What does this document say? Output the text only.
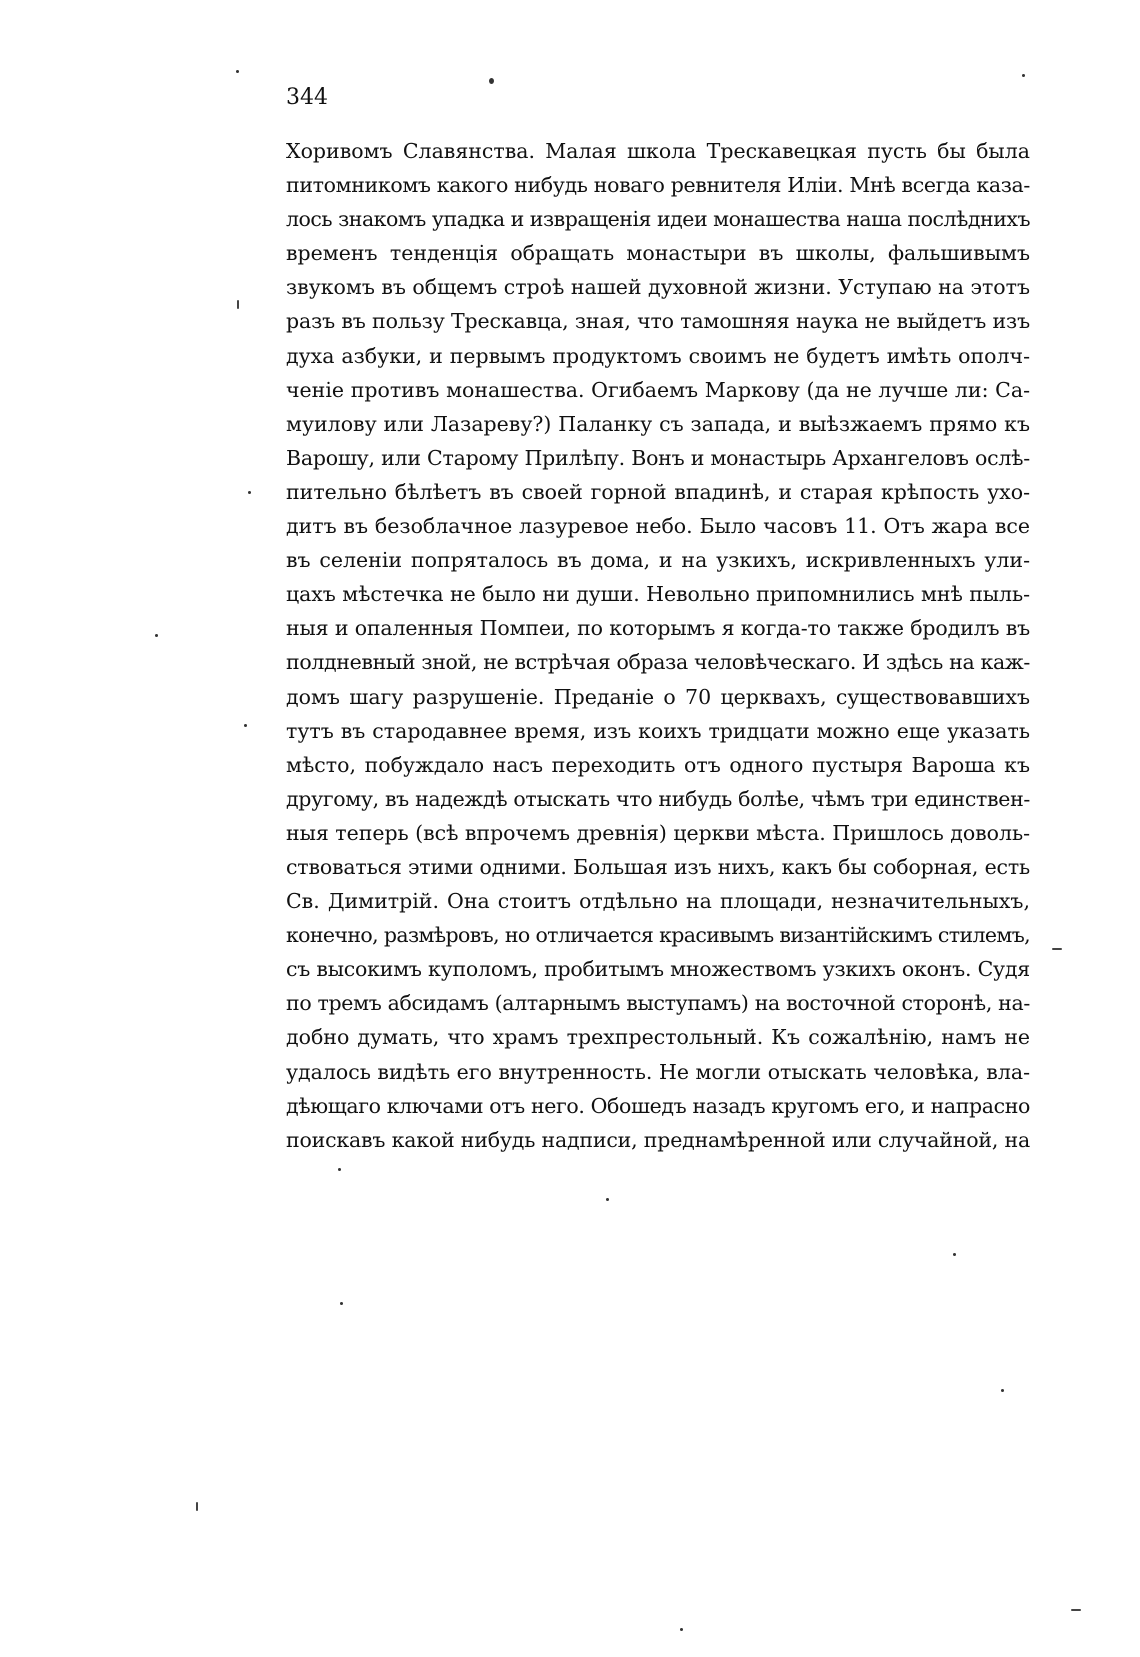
344
Хоривомъ Славянства. Малая школа Трескавецкая пусть бы была
питомникомъ какого нибудь новаго ревнителя Иліи. Мнѣ всегда каза-
лось знакомъ упадка и извращенія идеи монашества наша послѣднихъ
временъ тенденція обращать монастыри въ школы, фальшивымъ
звукомъ въ общемъ строѣ нашей духовной жизни. Уступаю на этотъ
разъ въ пользу Трескавца, зная, что тамошняя наука не выйдетъ изъ
духа азбуки, и первымъ продуктомъ своимъ не будетъ имѣть ополч-
ченіе противъ монашества. Огибаемъ Маркову (да не лучше ли: Са-
муилову или Лазареву?) Паланку съ запада, и выѣзжаемъ прямо къ
Варошу, или Старому Прилѣпу. Вонъ и монастырь Архангеловъ ослѣ-
пительно бѣлѣетъ въ своей горной впадинѣ, и старая крѣпость ухо-
дитъ въ безоблачное лазуревое небо. Было часовъ 11. Отъ жара все
въ селеніи попряталось въ дома, и на узкихъ, искривленныхъ ули-
цахъ мѣстечка не было ни души. Невольно припомнились мнѣ пыль-
ныя и опаленныя Помпеи, по которымъ я когда-то также бродилъ въ
полдневный зной, не встрѣчая образа человѣческаго. И здѣсь на каж-
домъ шагу разрушеніе. Преданіе о 70 церквахъ, существовавшихъ
тутъ въ стародавнее время, изъ коихъ тридцати можно еще указать
мѣсто, побуждало насъ переходить отъ одного пустыря Вароша къ
другому, въ надеждѣ отыскать что нибудь болѣе, чѣмъ три единствен-
ныя теперь (всѣ впрочемъ древнія) церкви мѣста. Пришлось доволь-
ствоваться этими одними. Большая изъ нихъ, какъ бы соборная, есть
Св. Димитрій. Она стоитъ отдѣльно на площади, незначительныхъ,
конечно, размѣровъ, но отличается красивымъ византійскимъ стилемъ,
съ высокимъ куполомъ, пробитымъ множествомъ узкихъ оконъ. Судя
по тремъ абсидамъ (алтарнымъ выступамъ) на восточной сторонѣ, на-
добно думать, что храмъ трехпрестольный. Къ сожалѣнію, намъ не
удалось видѣть его внутренность. Не могли отыскать человѣка, вла-
дѣющаго ключами отъ него. Обошедъ назадъ кругомъ его, и напрасно
поискавъ какой нибудь надписи, преднамѣренной или случайной, на
